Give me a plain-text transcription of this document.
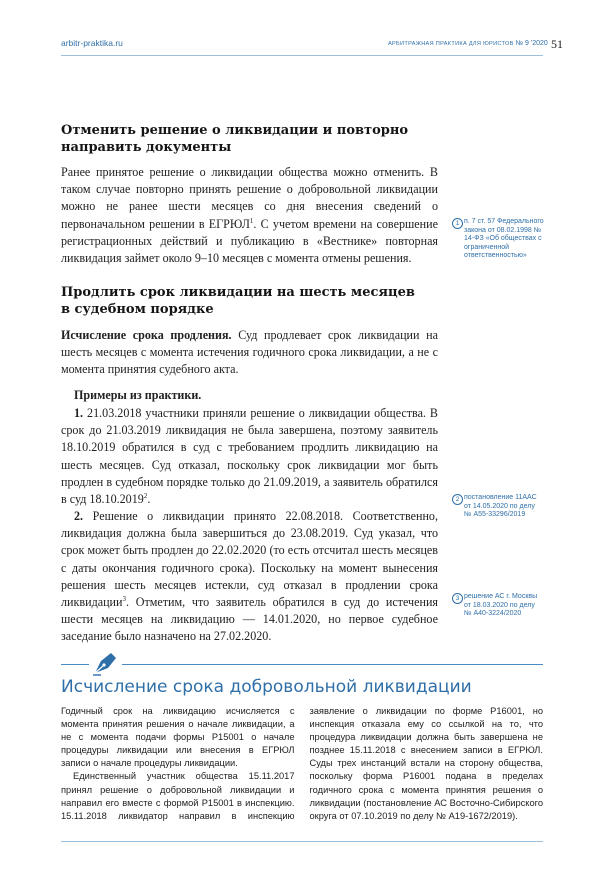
arbitr-praktika.ru	АРБИТРАЖНАЯ ПРАКТИКА ДЛЯ ЮРИСТОВ № 9 '2020 51
Отменить решение о ликвидации и повторно
направить документы

Ранее принятое решение о ликвидации общества можно отменить. В таком случае повторно принять решение о добровольной ликвидации можно не ранее шести месяцев со дня внесения сведений о первоначальном решении в ЕГРЮЛ$^1$. С учетом времени на совершение регистрационных действий и публикацию в «Вестнике» повторная ликвидация займет около 9–10 месяцев с момента отмены решения.

Продлить срок ликвидации на шесть месяцев
в судебном порядке

Исчисление срока продления. Суд продлевает срок ликвидации на шесть месяцев с момента истечения годичного срока ликвидации, а не с момента принятия судебного акта.

Примеры из практики.

1. 21.03.2018 участники приняли решение о ликвидации общества. В срок до 21.03.2019 ликвидация не была завершена, поэтому заявитель 18.10.2019 обратился в суд с требованием продлить ликвидацию на шесть месяцев. Суд отказал, поскольку срок ликвидации мог быть продлен в судебном порядке только до 21.09.2019, а заявитель обратился в суд 18.10.2019$^2$.

2. Решение о ликвидации принято 22.08.2018. Соответственно, ликвидация должна была завершиться до 23.08.2019. Суд указал, что срок может быть продлен до 22.02.2020 (то есть отсчитал шесть месяцев с даты окончания годичного срока). Поскольку на момент вынесения решения шесть месяцев истекли, суд отказал в продлении срока ликвидации$^3$. Отметим, что заявитель обратился в суд до истечения шести месяцев на ликвидацию — 14.01.2020, но первое судебное заседание было назначено на 27.02.2020.

1 п. 7 ст. 57 Федерального закона от 08.02.1998 № 14-ФЗ «Об обществах с ограниченной ответственностью»
2 постановление 11ААС от 14.05.2020 по делу № А55-33296/2019
3 решение АС г. Москвы от 18.03.2020 по делу № А40-3224/2020
Исчисление срока добровольной ликвидации

Годичный срок на ликвидацию исчисляется с момента принятия решения о начале ликвидации, а не с момента подачи формы Р15001 о начале процедуры ликвидации или внесения в ЕГРЮЛ записи о начале процедуры ликвидации.

Единственный участник общества 15.11.2017 принял решение о добровольной ликвидации и направил его вместе с формой Р15001 в инспекцию. 15.11.2018 ликвидатор направил в инспекцию заявление о ликвидации по форме Р16001, но инспекция отказала ему со ссылкой на то, что процедура ликвидации должна быть завершена не позднее 15.11.2018 с внесением записи в ЕГРЮЛ. Суды трех инстанций встали на сторону общества, поскольку форма Р16001 подана в пределах годичного срока с момента принятия решения о ликвидации (постановление АС Восточно-Сибирского округа от 07.10.2019 по делу № А19-1672/2019).
